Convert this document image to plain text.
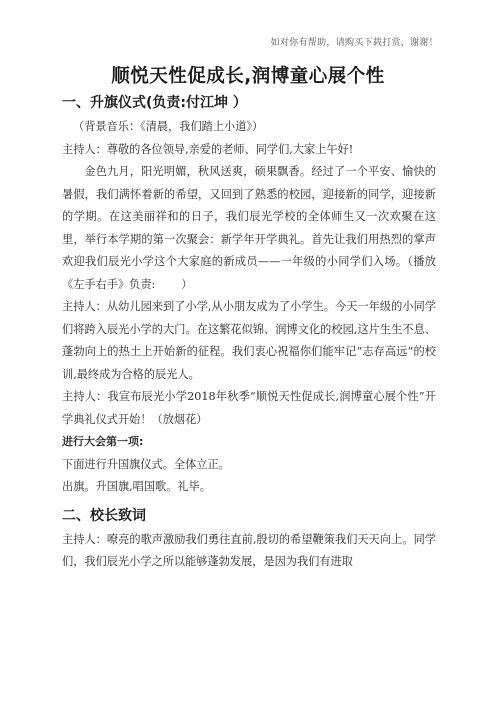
如对你有帮助，请购买下载打赏，谢谢！
顺悦天性促成长,润博童心展个性
一、升旗仪式(负责:付江坤 ）

（背景音乐：《清晨，我们踏上小道》）

主持人：尊敬的各位领导,亲爱的老师、同学们,大家上午好!

金色九月，阳光明媚，秋风送爽，硕果飘香。经过了一个平安、愉快的暑假，我们满怀着新的希望，又回到了熟悉的校园，迎接新的同学，迎接新的学期。在这美丽祥和的日子，我们辰光学校的全体师生又一次欢聚在这里，举行本学期的第一次聚会：新学年开学典礼。首先让我们用热烈的掌声欢迎我们辰光小学这个大家庭的新成员——一年级的小同学们入场。（播放《左手右手》负责:　　 ）

主持人：从幼儿园来到了小学,从小朋友成为了小学生。今天一年级的小同学们将跨入辰光小学的大门。在这繁花似锦、润博文化的校园,这片生生不息、蓬勃向上的热土上开始新的征程。我们衷心祝福你们能牢记“志存高远”的校训,最终成为合格的辰光人。

主持人：我宣布辰光小学2018年秋季“顺悦天性促成长,润博童心展个性”开学典礼仪式开始！（放烟花）

进行大会第一项:

下面进行升国旗仪式。全体立正。

出旗。升国旗,唱国歌。礼毕。

二、校长致词

主持人：嘹亮的歌声激励我们勇往直前,殷切的希望鞭策我们天天向上。同学们，我们辰光小学之所以能够蓬勃发展，是因为我们有进取
